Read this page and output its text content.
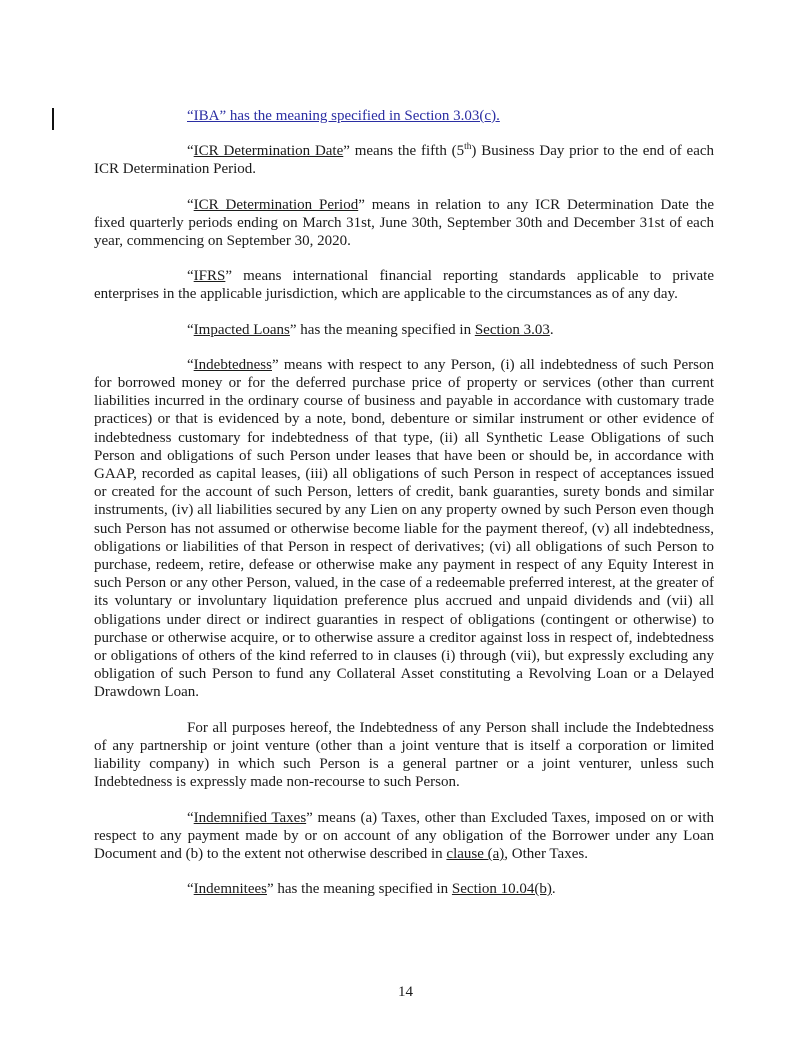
“IBA” has the meaning specified in Section 3.03(c).

“ICR Determination Date” means the fifth (5th) Business Day prior to the end of each ICR Determination Period.

“ICR Determination Period” means in relation to any ICR Determination Date the fixed quarterly periods ending on March 31st, June 30th, September 30th and December 31st of each year, commencing on September 30, 2020.

“IFRS” means international financial reporting standards applicable to private enterprises in the applicable jurisdiction, which are applicable to the circumstances as of any day.

“Impacted Loans” has the meaning specified in Section 3.03.

“Indebtedness” means with respect to any Person, (i) all indebtedness of such Person for borrowed money or for the deferred purchase price of property or services (other than current liabilities incurred in the ordinary course of business and payable in accordance with customary trade practices) or that is evidenced by a note, bond, debenture or similar instrument or other evidence of indebtedness customary for indebtedness of that type, (ii) all Synthetic Lease Obligations of such Person and obligations of such Person under leases that have been or should be, in accordance with GAAP, recorded as capital leases, (iii) all obligations of such Person in respect of acceptances issued or created for the account of such Person, letters of credit, bank guaranties, surety bonds and similar instruments, (iv) all liabilities secured by any Lien on any property owned by such Person even though such Person has not assumed or otherwise become liable for the payment thereof, (v) all indebtedness, obligations or liabilities of that Person in respect of derivatives; (vi) all obligations of such Person to purchase, redeem, retire, defease or otherwise make any payment in respect of any Equity Interest in such Person or any other Person, valued, in the case of a redeemable preferred interest, at the greater of its voluntary or involuntary liquidation preference plus accrued and unpaid dividends and (vii) all obligations under direct or indirect guaranties in respect of obligations (contingent or otherwise) to purchase or otherwise acquire, or to otherwise assure a creditor against loss in respect of, indebtedness or obligations of others of the kind referred to in clauses (i) through (vii), but expressly excluding any obligation of such Person to fund any Collateral Asset constituting a Revolving Loan or a Delayed Drawdown Loan.

For all purposes hereof, the Indebtedness of any Person shall include the Indebtedness of any partnership or joint venture (other than a joint venture that is itself a corporation or limited liability company) in which such Person is a general partner or a joint venturer, unless such Indebtedness is expressly made non-recourse to such Person.

“Indemnified Taxes” means (a) Taxes, other than Excluded Taxes, imposed on or with respect to any payment made by or on account of any obligation of the Borrower under any Loan Document and (b) to the extent not otherwise described in clause (a), Other Taxes.

“Indemnitees” has the meaning specified in Section 10.04(b).

14
